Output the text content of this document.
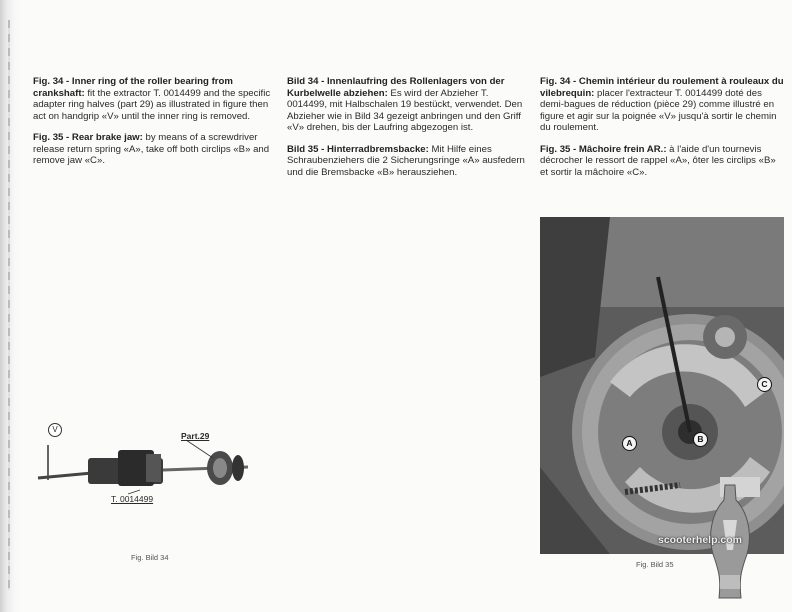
Fig. 34 - Inner ring of the roller bearing from crankshaft: fit the extractor T. 0014499 and the specific adapter ring halves (part 29) as illustrated in figure then act on handgrip «V» until the inner ring is removed.

Fig. 35 - Rear brake jaw: by means of a screwdriver release return spring «A», take off both circlips «B» and remove jaw «C».

Bild 34 - Innenlaufring des Rollenlagers von der Kurbelwelle abziehen: Es wird der Abzieher T. 0014499, mit Halbschalen 19 bestückt, verwendet. Den Abzieher wie in Bild 34 gezeigt anbringen und den Griff «V» drehen, bis der Laufring abgezogen ist.

Bild 35 - Hinterradbremsbacke: Mit Hilfe eines Schraubenziehers die 2 Sicherungsringe «A» ausfedern und die Bremsbacke «B» herausziehen.

Fig. 34 - Chemin intérieur du roulement à rouleaux du vilebrequin: placer l'extracteur T. 0014499 doté des demi-bagues de réduction (pièce 29) comme illustré en figure et agir sur la poignée «V» jusqu'à sortir le chemin du roulement.

Fig. 35 - Mâchoire frein AR.: à l'aide d'un tournevis décrocher le ressort de rappel «A», ôter les circlips «B» et sortir la mâchoire «C».

V
Part.29
T. 0014499
Fig. Bild 34
A	B
C
scooterhelp.com
Fig. Bild 35
